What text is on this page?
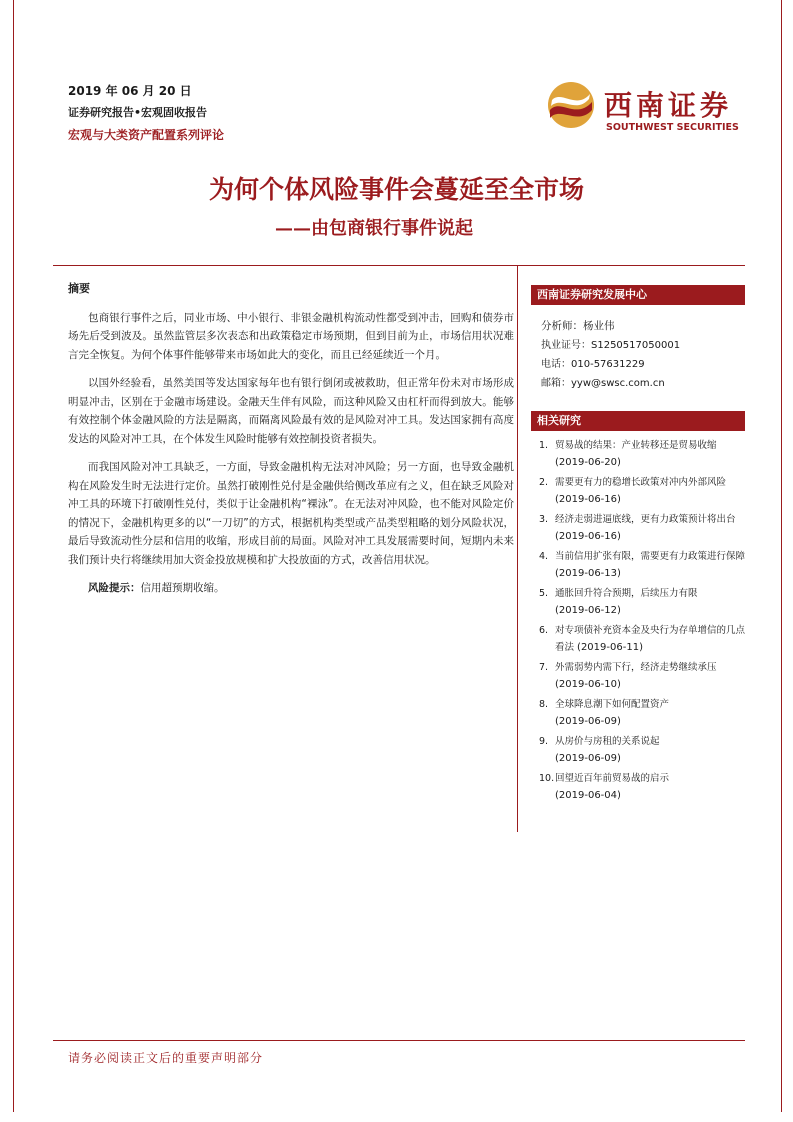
2019 年 06 月 20 日
证券研究报告•宏观固收报告
宏观与大类资产配置系列评论
西南证券
SOUTHWEST SECURITIES
为何个体风险事件会蔓延至全市场
——由包商银行事件说起
摘要

包商银行事件之后，同业市场、中小银行、非银金融机构流动性都受到冲击，回购和债券市场先后受到波及。虽然监管层多次表态和出政策稳定市场预期，但到目前为止，市场信用状况难言完全恢复。为何个体事件能够带来市场如此大的变化，而且已经延续近一个月。

以国外经验看，虽然美国等发达国家每年也有银行倒闭或被救助，但正常年份未对市场形成明显冲击，区别在于金融市场建设。金融天生伴有风险，而这种风险又由杠杆而得到放大。能够有效控制个体金融风险的方法是隔离，而隔离风险最有效的是风险对冲工具。发达国家拥有高度发达的风险对冲工具，在个体发生风险时能够有效控制投资者损失。

而我国风险对冲工具缺乏，一方面，导致金融机构无法对冲风险；另一方面，也导致金融机构在风险发生时无法进行定价。虽然打破刚性兑付是金融供给侧改革应有之义，但在缺乏风险对冲工具的环境下打破刚性兑付，类似于让金融机构“裸泳”。在无法对冲风险，也不能对风险定价的情况下，金融机构更多的以“一刀切”的方式，根据机构类型或产品类型粗略的划分风险状况，最后导致流动性分层和信用的收缩，形成目前的局面。风险对冲工具发展需要时间，短期内未来我们预计央行将继续用加大资金投放规模和扩大投放面的方式，改善信用状况。

风险提示：信用超预期收缩。
西南证券研究发展中心
分析师：杨业伟
执业证号：S1250517050001
电话：010-57631229
邮箱：yyw@swsc.com.cn
相关研究
1. 贸易战的结果：产业转移还是贸易收缩
(2019-06-20)
2. 需要更有力的稳增长政策对冲内外部风险 (2019-06-16)
3. 经济走弱进逼底线，更有力政策预计将出台 (2019-06-16)
4. 当前信用扩张有限，需要更有力政策进行保障 (2019-06-13)
5. 通胀回升符合预期，后续压力有限
(2019-06-12)
6. 对专项债补充资本金及央行为存单增信的几点看法 (2019-06-11)
7. 外需弱势内需下行，经济走势继续承压
(2019-06-10)
8. 全球降息潮下如何配置资产
(2019-06-09)
9. 从房价与房租的关系说起
(2019-06-09)
10. 回望近百年前贸易战的启示
(2019-06-04)
请务必阅读正文后的重要声明部分
